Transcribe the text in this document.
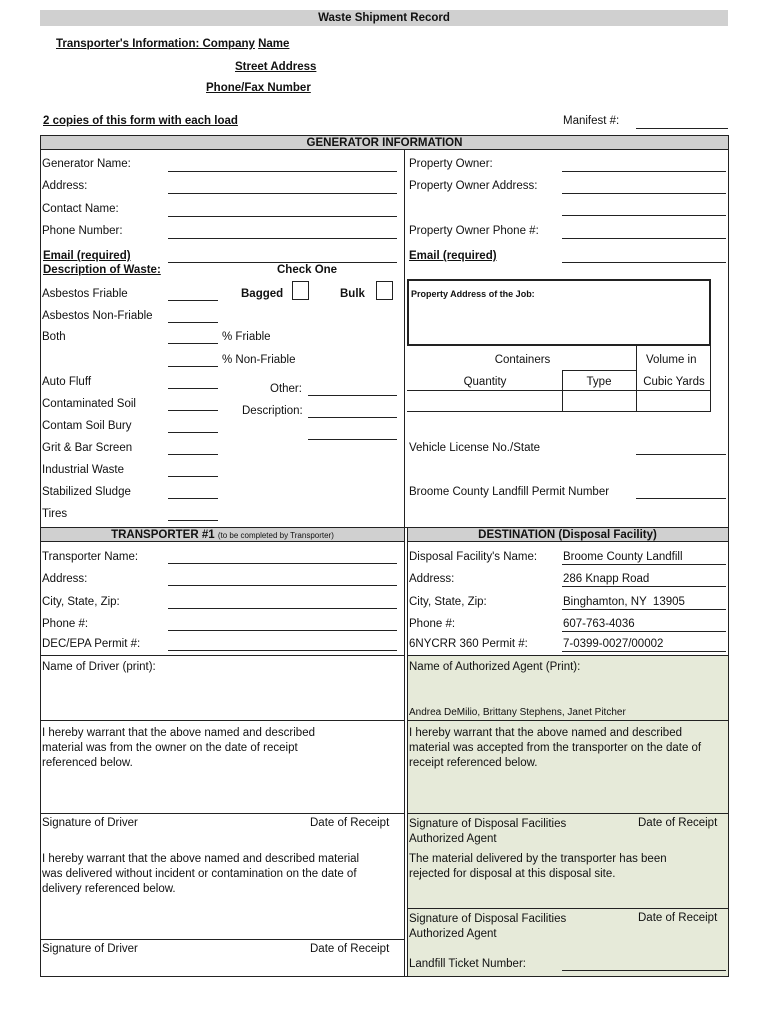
Waste Shipment Record
Transporter's Information: Company Name
Street Address
Phone/Fax Number
2 copies of this form with each load	Manifest #:
GENERATOR INFORMATION
Generator Name:
Address:
Contact Name:
Phone Number:
Email (required)
Description of Waste:	Check One
Property Owner:
Property Owner Address:
Property Owner Phone #:
Email (required)
Property Address of the Job:
Asbestos Friable	Bagged	Bulk
Asbestos Non-Friable
Both	% Friable
% Non-Friable
Auto Fluff
Other:
Contaminated Soil
Description:
Contam Soil Bury
Grit & Bar Screen
Industrial Waste
Stabilized Sludge
Tires
Containers	Volume in
Quantity	Type	Cubic Yards
Vehicle License No./State
Broome County Landfill Permit Number
TRANSPORTER #1 (to be completed by Transporter)	DESTINATION (Disposal Facility)
Transporter Name:
Address:
City, State, Zip:
Phone #:
DEC/EPA Permit #:
Name of Driver (print):
I hereby warrant that the above named and described material was from the owner on the date of receipt referenced below.
Signature of Driver	Date of Receipt
I hereby warrant that the above named and described material was delivered without incident or contamination on the date of delivery referenced below.
Signature of Driver	Date of Receipt
Disposal Facility's Name: Broome County Landfill
Address:	286 Knapp Road
City, State, Zip:	Binghamton, NY  13905
Phone #:	607-763-4036
6NYCRR 360 Permit #:	7-0399-0027/00002
Name of Authorized Agent (Print):
Andrea DeMilio, Brittany Stephens, Janet Pitcher
I hereby warrant that the above named and described material was accepted from the transporter on the date of receipt referenced below.
Signature of Disposal Facilities
Authorized Agent
Date of Receipt
The material delivered by the transporter has been rejected for disposal at this disposal site.
Signature of Disposal Facilities
Authorized Agent
Date of Receipt
Landfill Ticket Number:
